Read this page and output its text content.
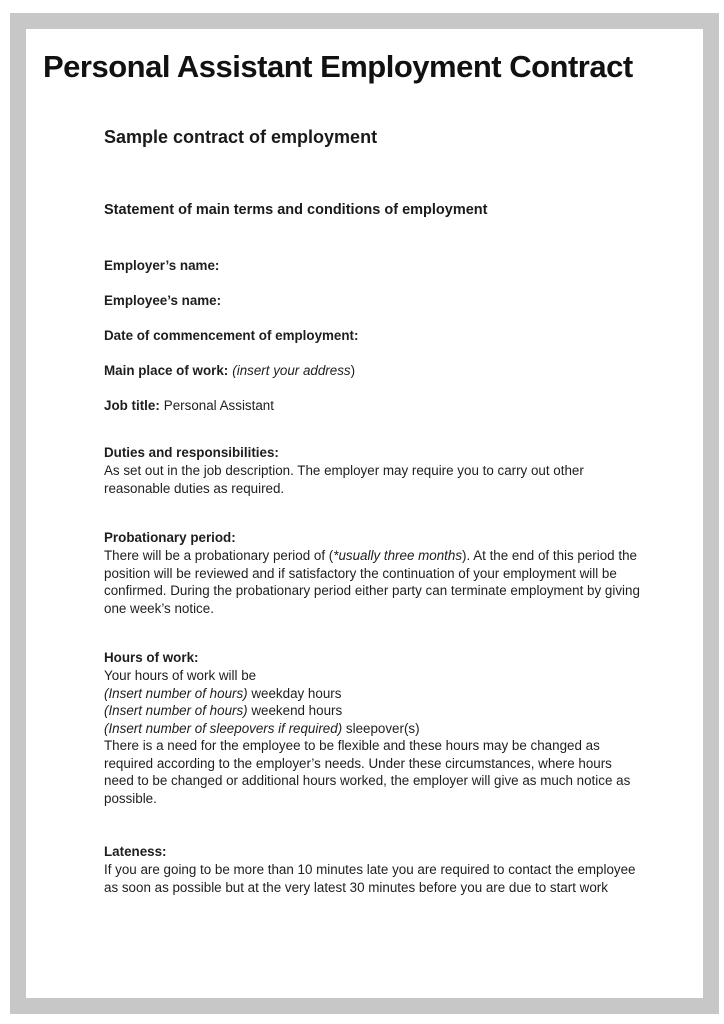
Personal Assistant Employment Contract
Sample contract of employment
Statement of main terms and conditions of employment

Employer’s name:

Employee’s name:

Date of commencement of employment:

Main place of work: (insert your address)

Job title: Personal Assistant

Duties and responsibilities:

As set out in the job description. The employer may require you to carry out other reasonable duties as required.

Probationary period:

There will be a probationary period of (*usually three months). At the end of this period the position will be reviewed and if satisfactory the continuation of your employment will be confirmed. During the probationary period either party can terminate employment by giving one week’s notice.

Hours of work:

Your hours of work will be

(Insert number of hours) weekday hours

(Insert number of hours) weekend hours

(Insert number of sleepovers if required) sleepover(s)

There is a need for the employee to be flexible and these hours may be changed as required according to the employer’s needs. Under these circumstances, where hours need to be changed or additional hours worked, the employer will give as much notice as possible.

Lateness:

If you are going to be more than 10 minutes late you are required to contact the employee as soon as possible but at the very latest 30 minutes before you are due to start work
